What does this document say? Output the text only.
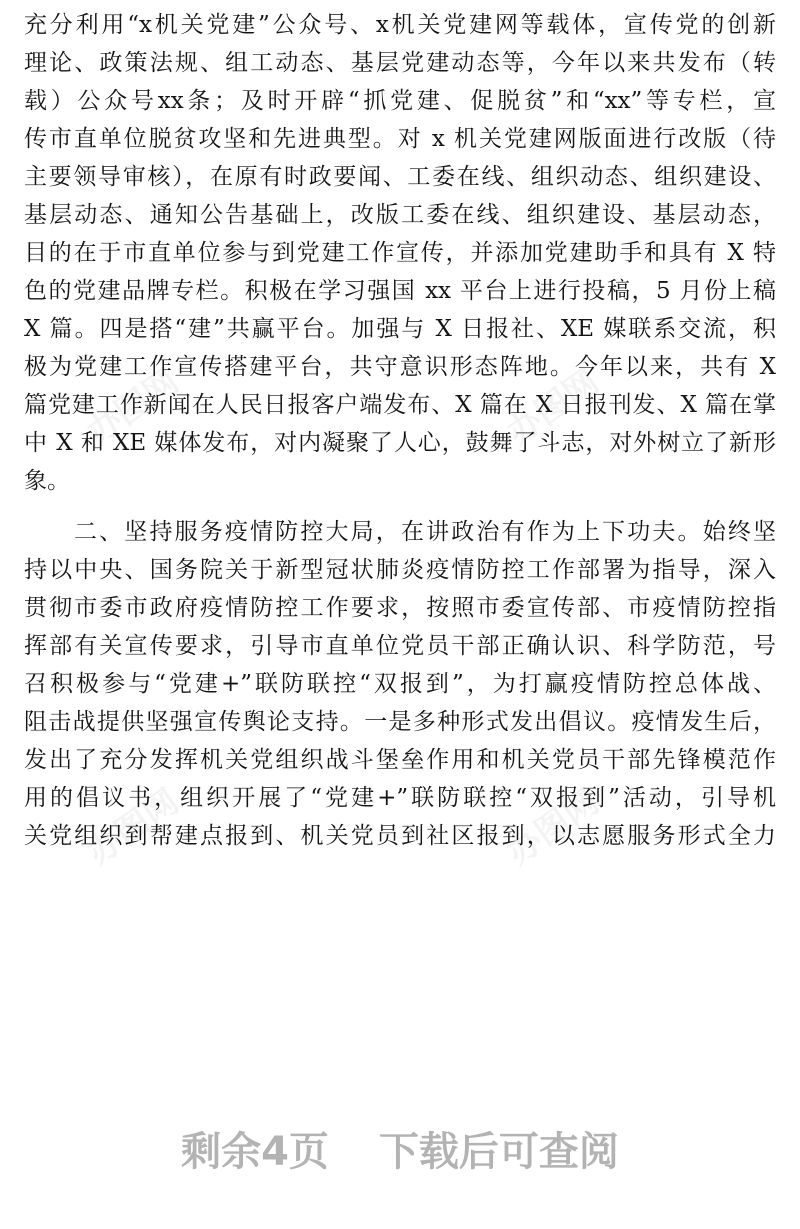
办图网	办图网
办图网	办图网
充分利用“x机关党建”公众号、x机关党建网等载体，宣传党的创新
理论、政策法规、组工动态、基层党建动态等，今年以来共发布（转
载）公众号xx条；及时开辟“抓党建、促脱贫”和“xx”等专栏，宣
传市直单位脱贫攻坚和先进典型。对 x 机关党建网版面进行改版（待
主要领导审核），在原有时政要闻、工委在线、组织动态、组织建设、
基层动态、通知公告基础上，改版工委在线、组织建设、基层动态，
目的在于市直单位参与到党建工作宣传，并添加党建助手和具有 X 特
色的党建品牌专栏。积极在学习强国 xx 平台上进行投稿，5 月份上稿
X 篇。四是搭“建”共赢平台。加强与 X 日报社、XE 媒联系交流，积
极为党建工作宣传搭建平台，共守意识形态阵地。今年以来，共有 X
篇党建工作新闻在人民日报客户端发布、X 篇在 X 日报刊发、X 篇在掌
中 X 和 XE 媒体发布，对内凝聚了人心，鼓舞了斗志，对外树立了新形
象。
二、坚持服务疫情防控大局，在讲政治有作为上下功夫。始终坚
持以中央、国务院关于新型冠状肺炎疫情防控工作部署为指导，深入
贯彻市委市政府疫情防控工作要求，按照市委宣传部、市疫情防控指
挥部有关宣传要求，引导市直单位党员干部正确认识、科学防范，号
召积极参与“党建+”联防联控“双报到”，为打赢疫情防控总体战、
阻击战提供坚强宣传舆论支持。一是多种形式发出倡议。疫情发生后，
发出了充分发挥机关党组织战斗堡垒作用和机关党员干部先锋模范作
用的倡议书，组织开展了“党建+”联防联控“双报到”活动，引导机
关党组织到帮建点报到、机关党员到社区报到，以志愿服务形式全力
剩余4页 下载后可查阅
